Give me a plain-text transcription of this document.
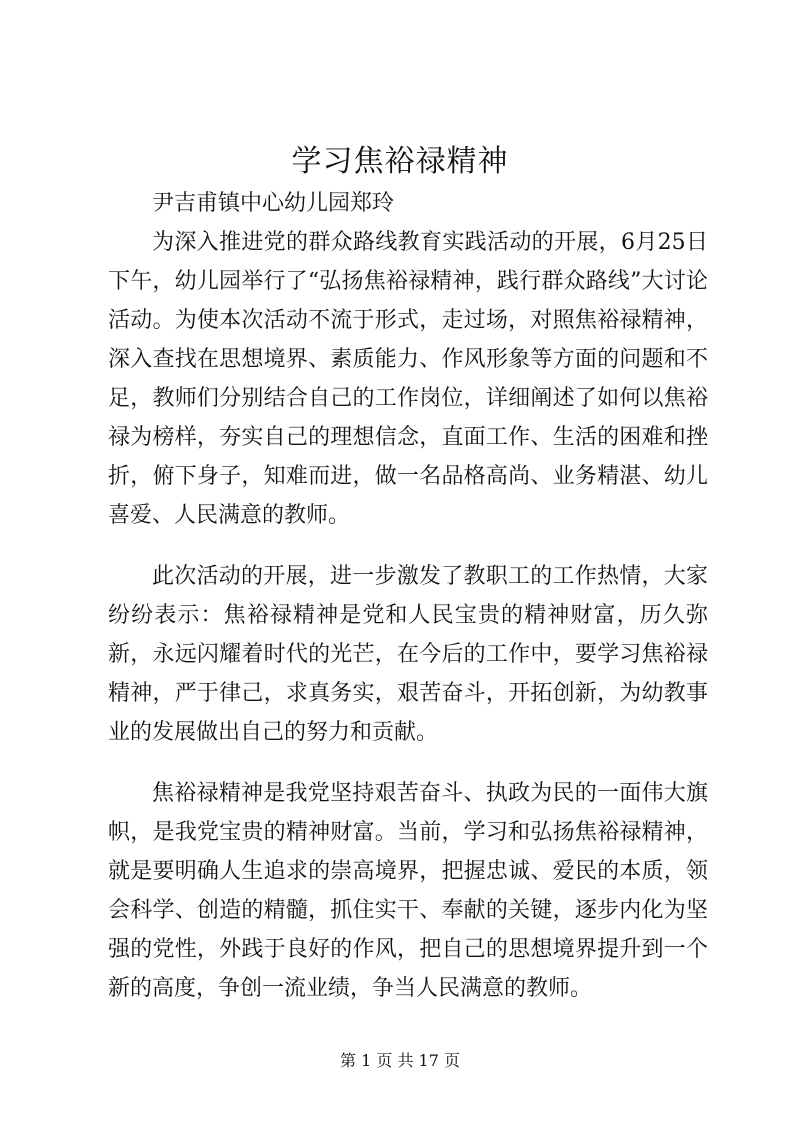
学习焦裕禄精神

尹吉甫镇中心幼儿园郑玲

为深入推进党的群众路线教育实践活动的开展，6月25日下午，幼儿园举行了“弘扬焦裕禄精神，践行群众路线”大讨论活动。为使本次活动不流于形式，走过场，对照焦裕禄精神，深入查找在思想境界、素质能力、作风形象等方面的问题和不足，教师们分别结合自己的工作岗位，详细阐述了如何以焦裕禄为榜样，夯实自己的理想信念，直面工作、生活的困难和挫折，俯下身子，知难而进，做一名品格高尚、业务精湛、幼儿喜爱、人民满意的教师。

此次活动的开展，进一步激发了教职工的工作热情，大家纷纷表示：焦裕禄精神是党和人民宝贵的精神财富，历久弥新，永远闪耀着时代的光芒，在今后的工作中，要学习焦裕禄精神，严于律己，求真务实，艰苦奋斗，开拓创新，为幼教事业的发展做出自己的努力和贡献。

焦裕禄精神是我党坚持艰苦奋斗、执政为民的一面伟大旗帜，是我党宝贵的精神财富。当前，学习和弘扬焦裕禄精神，就是要明确人生追求的崇高境界，把握忠诚、爱民的本质，领会科学、创造的精髓，抓住实干、奉献的关键，逐步内化为坚强的党性，外践于良好的作风，把自己的思想境界提升到一个新的高度，争创一流业绩，争当人民满意的教师。

第 1 页 共 17 页
